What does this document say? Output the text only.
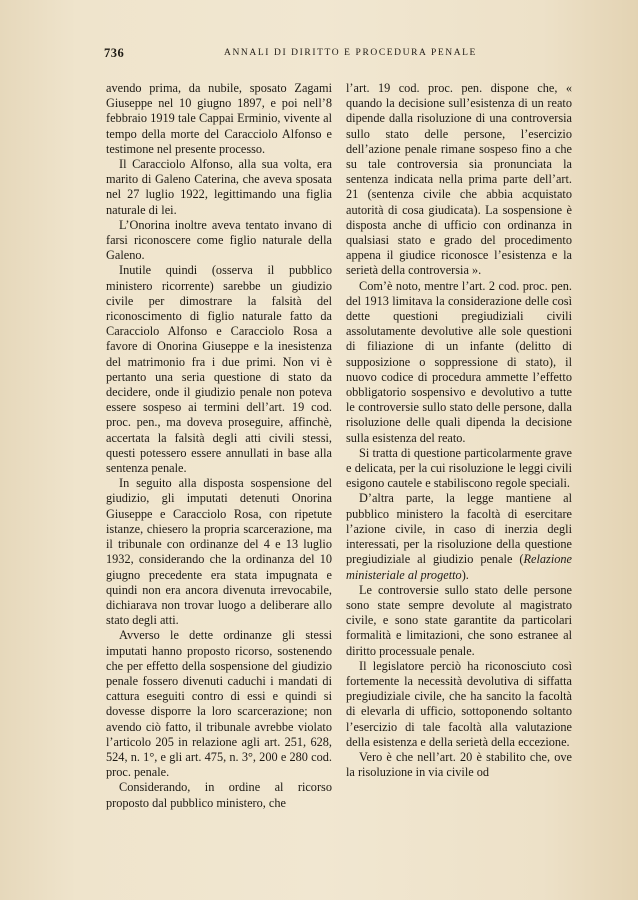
736	ANNALI DI DIRITTO E PROCEDURA PENALE

avendo prima, da nubile, sposato Zagami Giuseppe nel 10 giugno 1897, e poi nell’8 febbraio 1919 tale Cappai Erminio, vivente al tempo della morte del Caracciolo Alfonso e testimone nel presente processo.

Il Caracciolo Alfonso, alla sua volta, era marito di Galeno Caterina, che aveva sposata nel 27 luglio 1922, legittimando una figlia naturale di lei.

L’Onorina inoltre aveva tentato invano di farsi riconoscere come figlio naturale della Galeno.

Inutile quindi (osserva il pubblico ministero ricorrente) sarebbe un giudizio civile per dimostrare la falsità del riconoscimento di figlio naturale fatto da Caracciolo Alfonso e Caracciolo Rosa a favore di Onorina Giuseppe e la inesistenza del matrimonio fra i due primi. Non vi è pertanto una seria questione di stato da decidere, onde il giudizio penale non poteva essere sospeso ai termini dell’art. 19 cod. proc. pen., ma doveva proseguire, affinchè, accertata la falsità degli atti civili stessi, questi potessero essere annullati in base alla sentenza penale.

In seguito alla disposta sospensione del giudizio, gli imputati detenuti Onorina Giuseppe e Caracciolo Rosa, con ripetute istanze, chiesero la propria scarcerazione, ma il tribunale con ordinanze del 4 e 13 luglio 1932, considerando che la ordinanza del 10 giugno precedente era stata impugnata e quindi non era ancora divenuta irrevocabile, dichiarava non trovar luogo a deliberare allo stato degli atti.

Avverso le dette ordinanze gli stessi imputati hanno proposto ricorso, sostenendo che per effetto della sospensione del giudizio penale fossero divenuti caduchi i mandati di cattura eseguiti contro di essi e quindi si dovesse disporre la loro scarcerazione; non avendo ciò fatto, il tribunale avrebbe violato l’articolo 205 in relazione agli art. 251, 628, 524, n. 1°, e gli art. 475, n. 3°, 200 e 280 cod. proc. penale.

Considerando, in ordine al ricorso proposto dal pubblico ministero, che

l’art. 19 cod. proc. pen. dispone che, « quando la decisione sull’esistenza di un reato dipende dalla risoluzione di una controversia sullo stato delle persone, l’esercizio dell’azione penale rimane sospeso fino a che su tale controversia sia pronunciata la sentenza indicata nella prima parte dell’art. 21 (sentenza civile che abbia acquistato autorità di cosa giudicata). La sospensione è disposta anche di ufficio con ordinanza in qualsiasi stato e grado del procedimento appena il giudice riconosce l’esistenza e la serietà della controversia ».

Com’è noto, mentre l’art. 2 cod. proc. pen. del 1913 limitava la considerazione delle così dette questioni pregiudiziali civili assolutamente devolutive alle sole questioni di filiazione di un infante (delitto di supposizione o soppressione di stato), il nuovo codice di procedura ammette l’effetto obbligatorio sospensivo e devolutivo a tutte le controversie sullo stato delle persone, dalla risoluzione delle quali dipenda la decisione sulla esistenza del reato.

Si tratta di questione particolarmente grave e delicata, per la cui risoluzione le leggi civili esigono cautele e stabiliscono regole speciali.

D’altra parte, la legge mantiene al pubblico ministero la facoltà di esercitare l’azione civile, in caso di inerzia degli interessati, per la risoluzione della questione pregiudiziale al giudizio penale (Relazione ministeriale al progetto).

Le controversie sullo stato delle persone sono state sempre devolute al magistrato civile, e sono state garantite da particolari formalità e limitazioni, che sono estranee al diritto processuale penale.

Il legislatore perciò ha riconosciuto così fortemente la necessità devolutiva di siffatta pregiudiziale civile, che ha sancito la facoltà di elevarla di ufficio, sottoponendo soltanto l’esercizio di tale facoltà alla valutazione della esistenza e della serietà della eccezione.

Vero è che nell’art. 20 è stabilito che, ove la risoluzione in via civile od
